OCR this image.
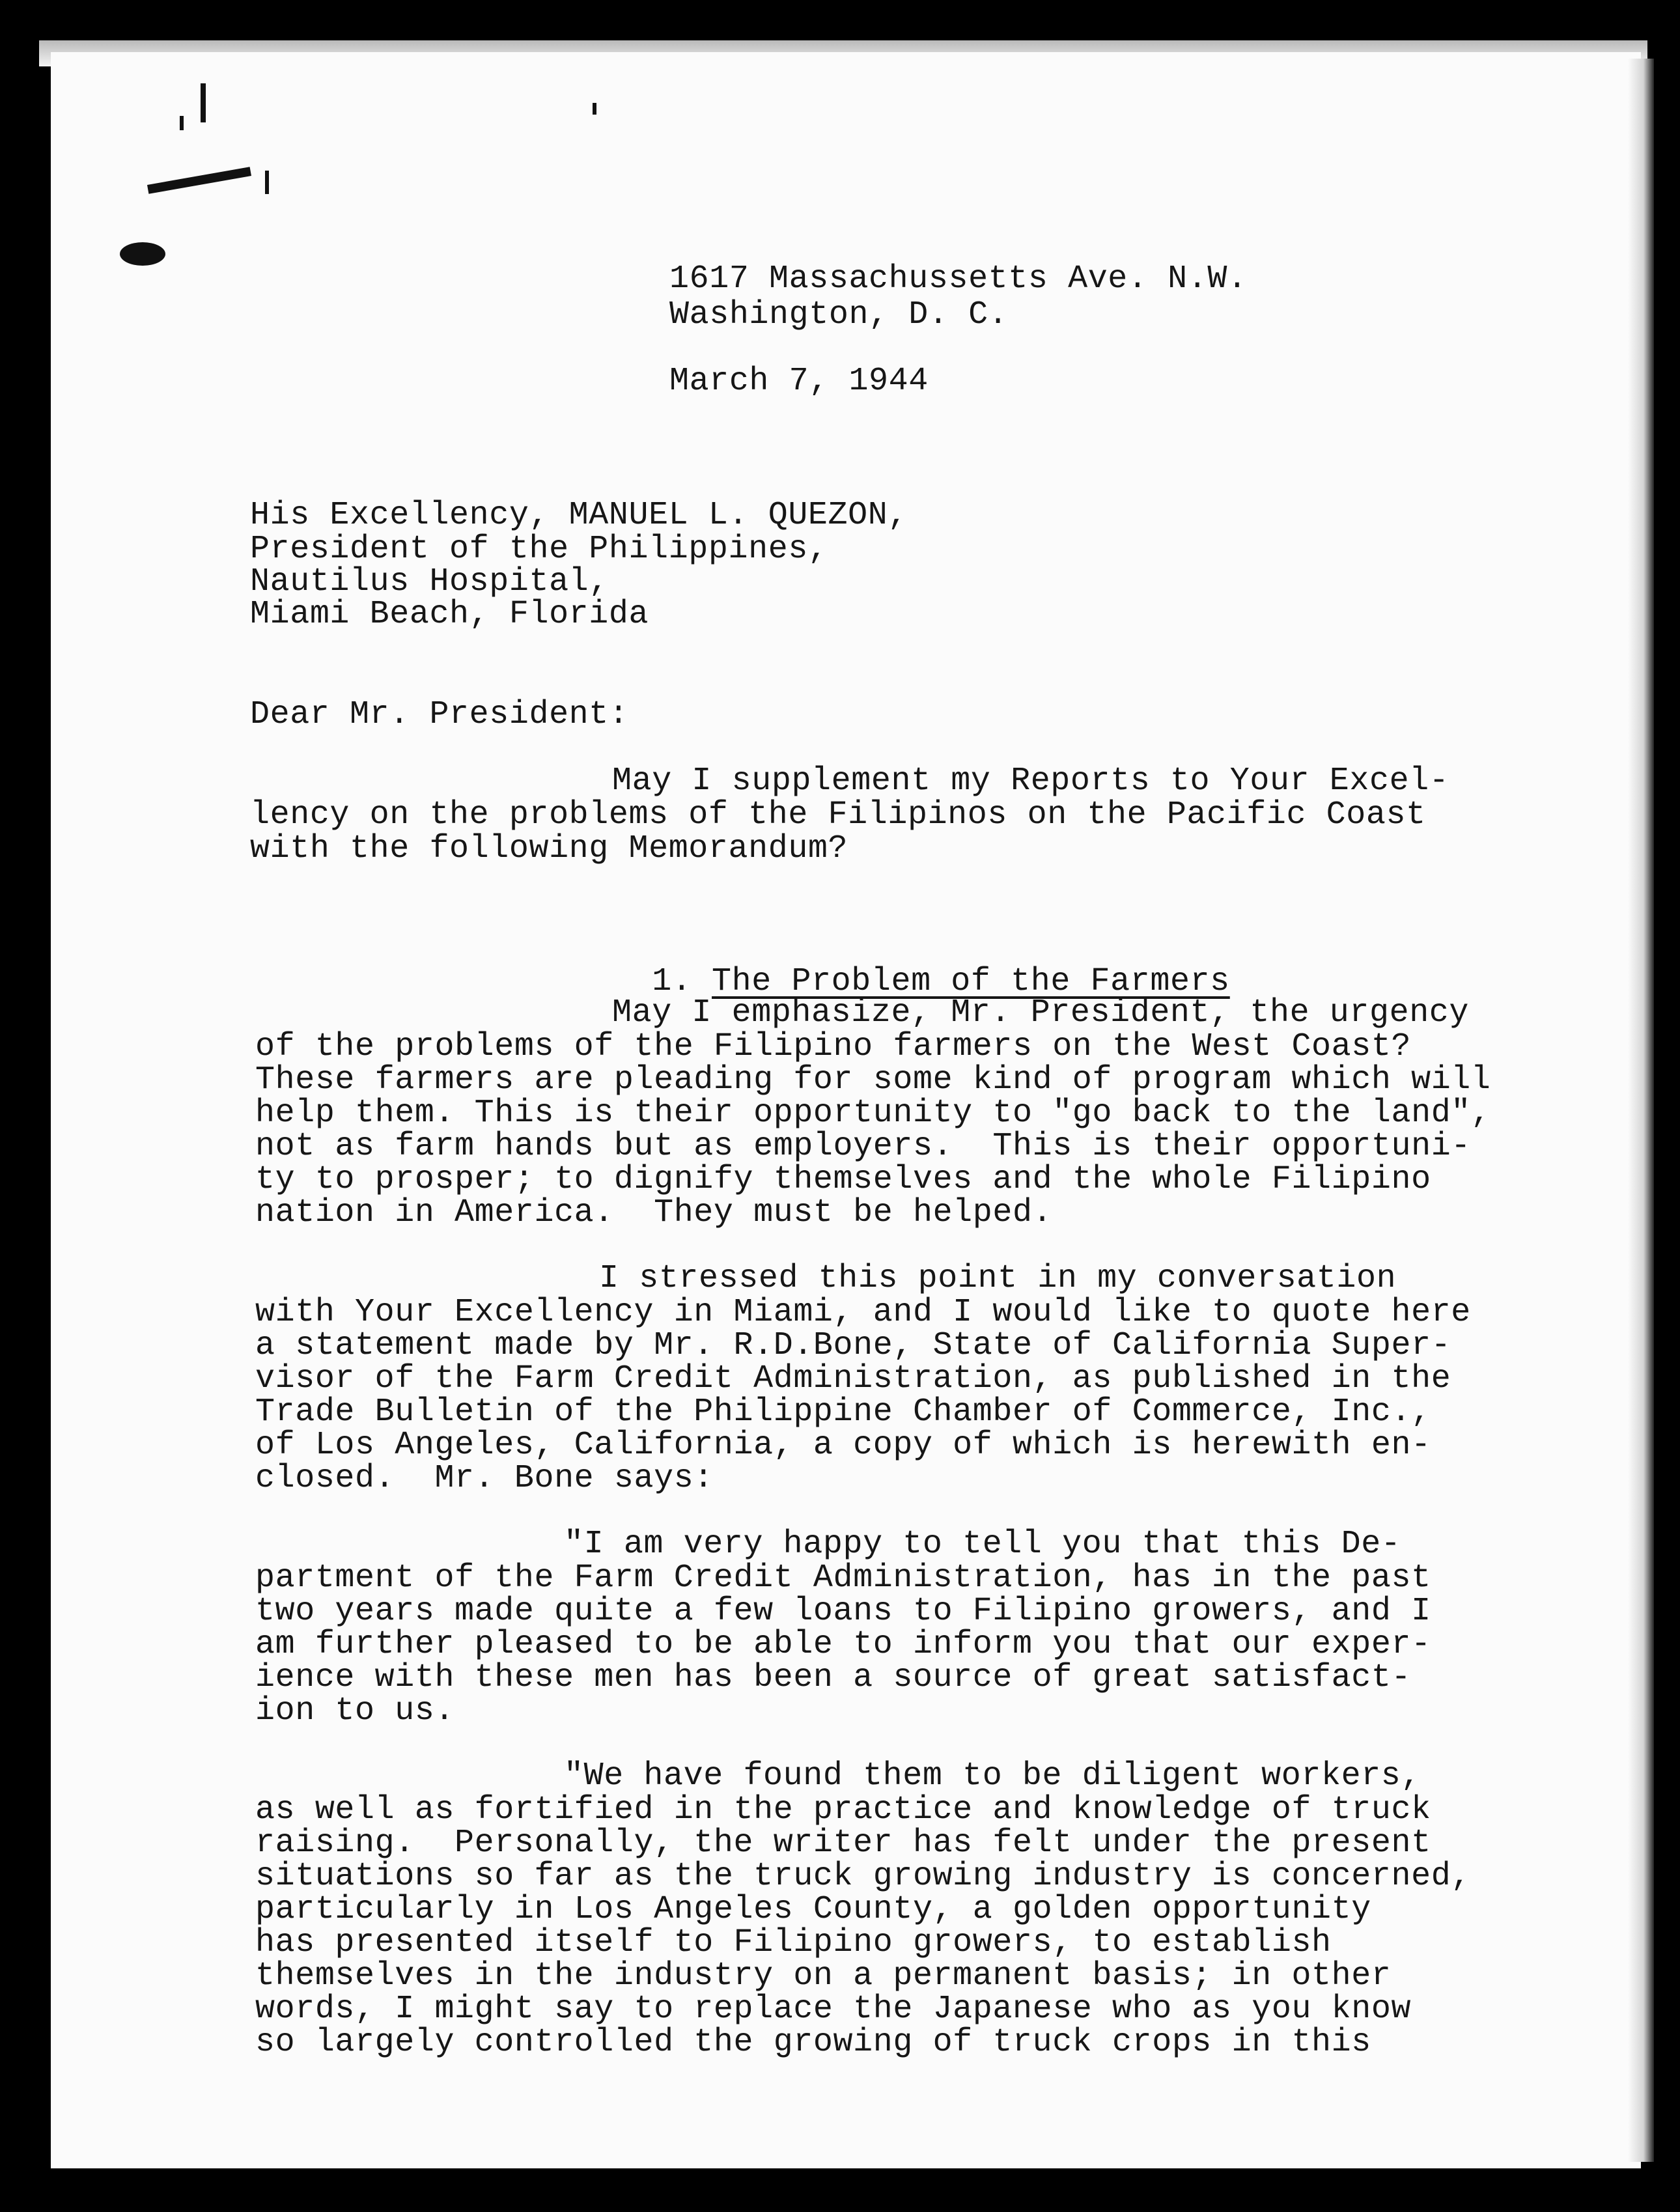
1617 Massachussetts Ave. N.W.
Washington, D. C.
March 7, 1944
His Excellency, MANUEL L. QUEZON,
President of the Philippines,
Nautilus Hospital,
Miami Beach, Florida
Dear Mr. President:
May I supplement my Reports to Your Excel-
lency on the problems of the Filipinos on the Pacific Coast
with the following Memorandum?

1. The Problem of the Farmers

May I emphasize, Mr. President, the urgency
of the problems of the Filipino farmers on the West Coast?
These farmers are pleading for some kind of program which will
help them. This is their opportunity to "go back to the land",
not as farm hands but as employers.  This is their opportuni-
ty to prosper; to dignify themselves and the whole Filipino
nation in America.  They must be helped.
I stressed this point in my conversation
with Your Excellency in Miami, and I would like to quote here
a statement made by Mr. R.D.Bone, State of California Super-
visor of the Farm Credit Administration, as published in the
Trade Bulletin of the Philippine Chamber of Commerce, Inc.,
of Los Angeles, California, a copy of which is herewith en-
closed.  Mr. Bone says:
"I am very happy to tell you that this De-
partment of the Farm Credit Administration, has in the past
two years made quite a few loans to Filipino growers, and I
am further pleased to be able to inform you that our exper-
ience with these men has been a source of great satisfact-
ion to us.
"We have found them to be diligent workers,
as well as fortified in the practice and knowledge of truck
raising.  Personally, the writer has felt under the present
situations so far as the truck growing industry is concerned,
particularly in Los Angeles County, a golden opportunity
has presented itself to Filipino growers, to establish
themselves in the industry on a permanent basis; in other
words, I might say to replace the Japanese who as you know
so largely controlled the growing of truck crops in this
